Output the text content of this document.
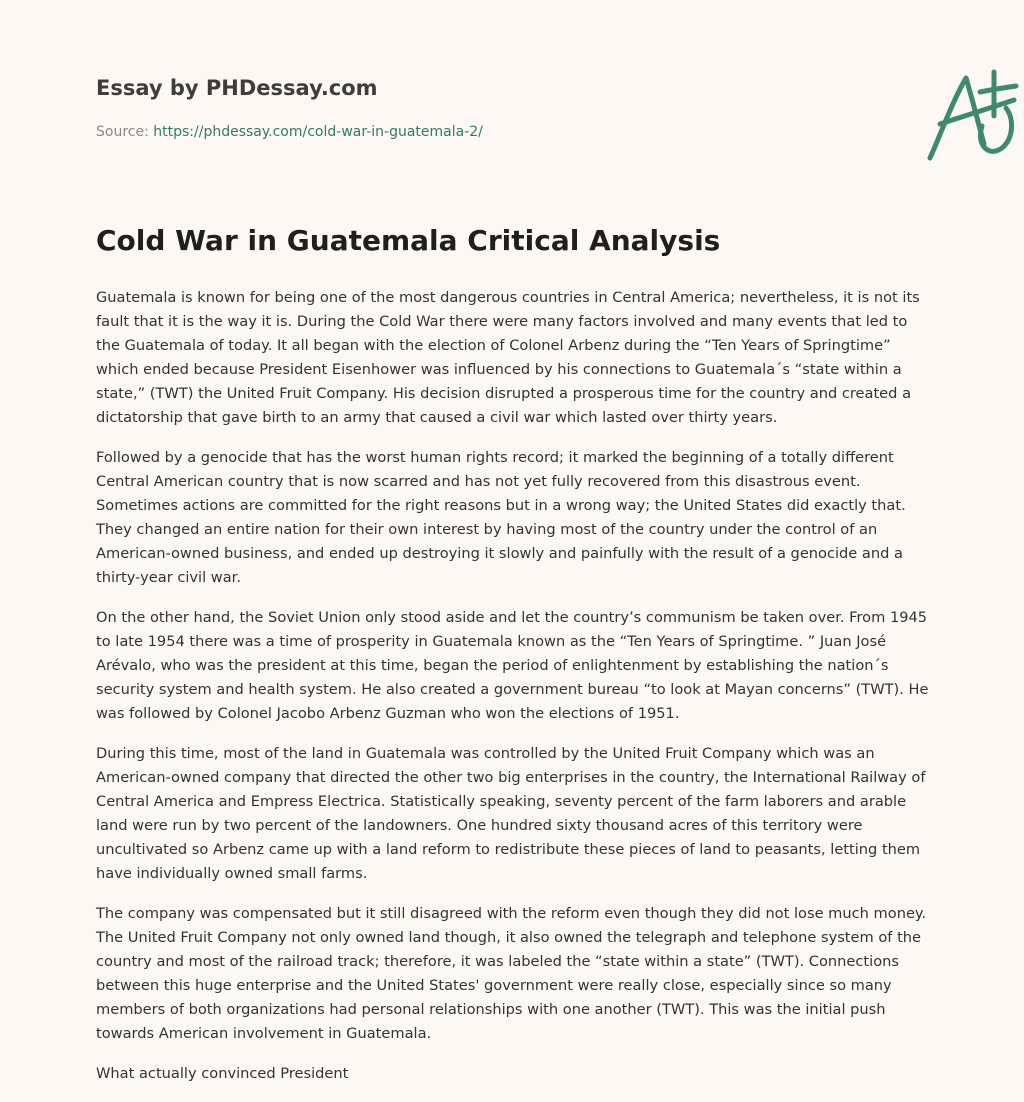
Essay by PHDessay.com
Source: https://phdessay.com/cold-war-in-guatemala-2/
Cold War in Guatemala Critical Analysis

Guatemala is known for being one of the most dangerous countries in Central America; nevertheless, it is not its fault that it is the way it is. During the Cold War there were many factors involved and many events that led to the Guatemala of today. It all began with the election of Colonel Arbenz during the “Ten Years of Springtime” which ended because President Eisenhower was influenced by his connections to Guatemala´s “state within a state,” (TWT) the United Fruit Company. His decision disrupted a prosperous time for the country and created a dictatorship that gave birth to an army that caused a civil war which lasted over thirty years.

Followed by a genocide that has the worst human rights record; it marked the beginning of a totally different Central American country that is now scarred and has not yet fully recovered from this disastrous event. Sometimes actions are committed for the right reasons but in a wrong way; the United States did exactly that. They changed an entire nation for their own interest by having most of the country under the control of an American-owned business, and ended up destroying it slowly and painfully with the result of a genocide and a thirty-year civil war.

On the other hand, the Soviet Union only stood aside and let the country’s communism be taken over. From 1945 to late 1954 there was a time of prosperity in Guatemala known as the “Ten Years of Springtime. ” Juan José Arévalo, who was the president at this time, began the period of enlightenment by establishing the nation´s security system and health system. He also created a government bureau “to look at Mayan concerns” (TWT). He was followed by Colonel Jacobo Arbenz Guzman who won the elections of 1951.

During this time, most of the land in Guatemala was controlled by the United Fruit Company which was an American-owned company that directed the other two big enterprises in the country, the International Railway of Central America and Empress Electrica. Statistically speaking, seventy percent of the farm laborers and arable land were run by two percent of the landowners. One hundred sixty thousand acres of this territory were uncultivated so Arbenz came up with a land reform to redistribute these pieces of land to peasants, letting them have individually owned small farms.

The company was compensated but it still disagreed with the reform even though they did not lose much money. The United Fruit Company not only owned land though, it also owned the telegraph and telephone system of the country and most of the railroad track; therefore, it was labeled the “state within a state” (TWT). Connections between this huge enterprise and the United States' government were really close, especially since so many members of both organizations had personal relationships with one another (TWT). This was the initial push towards American involvement in Guatemala.

What actually convinced President
